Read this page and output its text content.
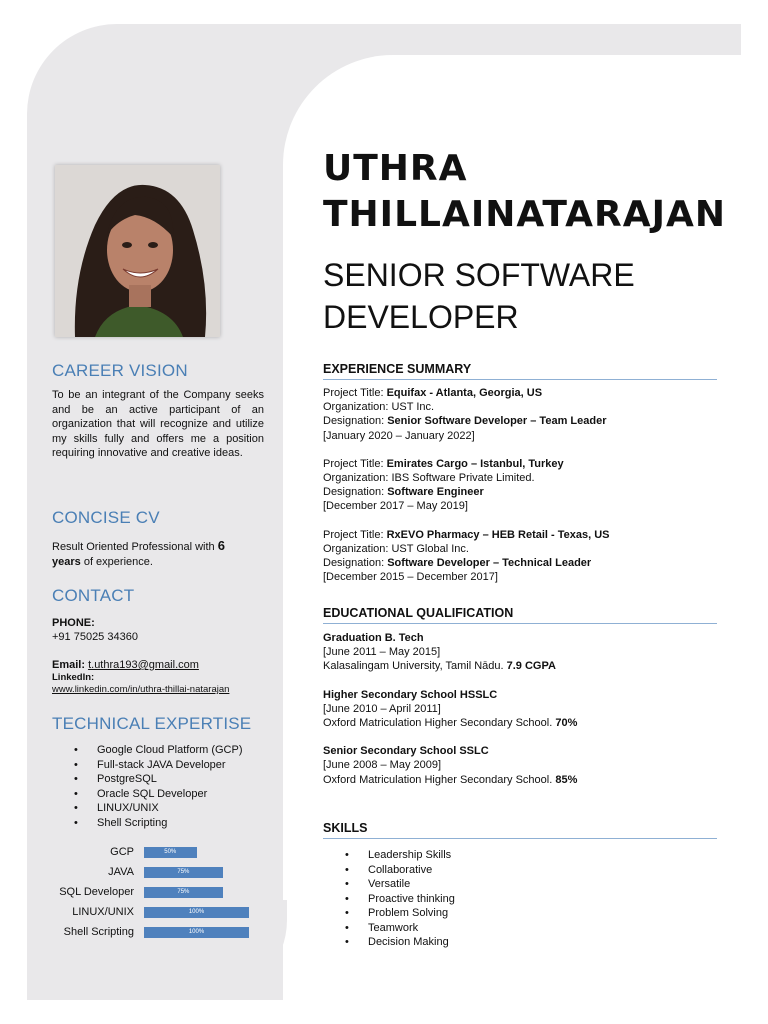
CAREER VISION
To be an integrant of the Company seeks and be an active participant of an organization that will recognize and utilize my skills fully and offers me a position requiring innovative and creative ideas.
CONCISE CV
Result Oriented Professional with 6
years of experience.
CONTACT
PHONE:
+91 75025 34360
Email: t.uthra193@gmail.com
LinkedIn:
www.linkedin.com/in/uthra-thillai-natarajan
TECHNICAL EXPERTISE
• Google Cloud Platform (GCP)
• Full-stack JAVA Developer
• PostgreSQL
• Oracle SQL Developer
• LINUX/UNIX
• Shell Scripting
GCP	50%
JAVA	75%
SQL Developer	75%
LINUX/UNIX	100%
Shell Scripting	100%
UTHRA
THILLAINATARAJAN
SENIOR SOFTWARE
DEVELOPER
EXPERIENCE SUMMARY
Project Title: Equifax - Atlanta, Georgia, US
Organization: UST Inc.
Designation: Senior Software Developer – Team Leader
[January 2020 – January 2022]
Project Title: Emirates Cargo – Istanbul, Turkey
Organization: IBS Software Private Limited.
Designation: Software Engineer
[December 2017 – May 2019]
Project Title: RxEVO Pharmacy – HEB Retail - Texas, US
Organization: UST Global Inc.
Designation: Software Developer – Technical Leader
[December 2015 – December 2017]
EDUCATIONAL QUALIFICATION
Graduation B. Tech
[June 2011 – May 2015]
Kalasalingam University, Tamil Nādu. 7.9 CGPA
Higher Secondary School HSSLC
[June 2010 – April 2011]
Oxford Matriculation Higher Secondary School. 70%
Senior Secondary School SSLC
[June 2008 – May 2009]
Oxford Matriculation Higher Secondary School. 85%
SKILLS
• Leadership Skills
• Collaborative
• Versatile
• Proactive thinking
• Problem Solving
• Teamwork
• Decision Making
